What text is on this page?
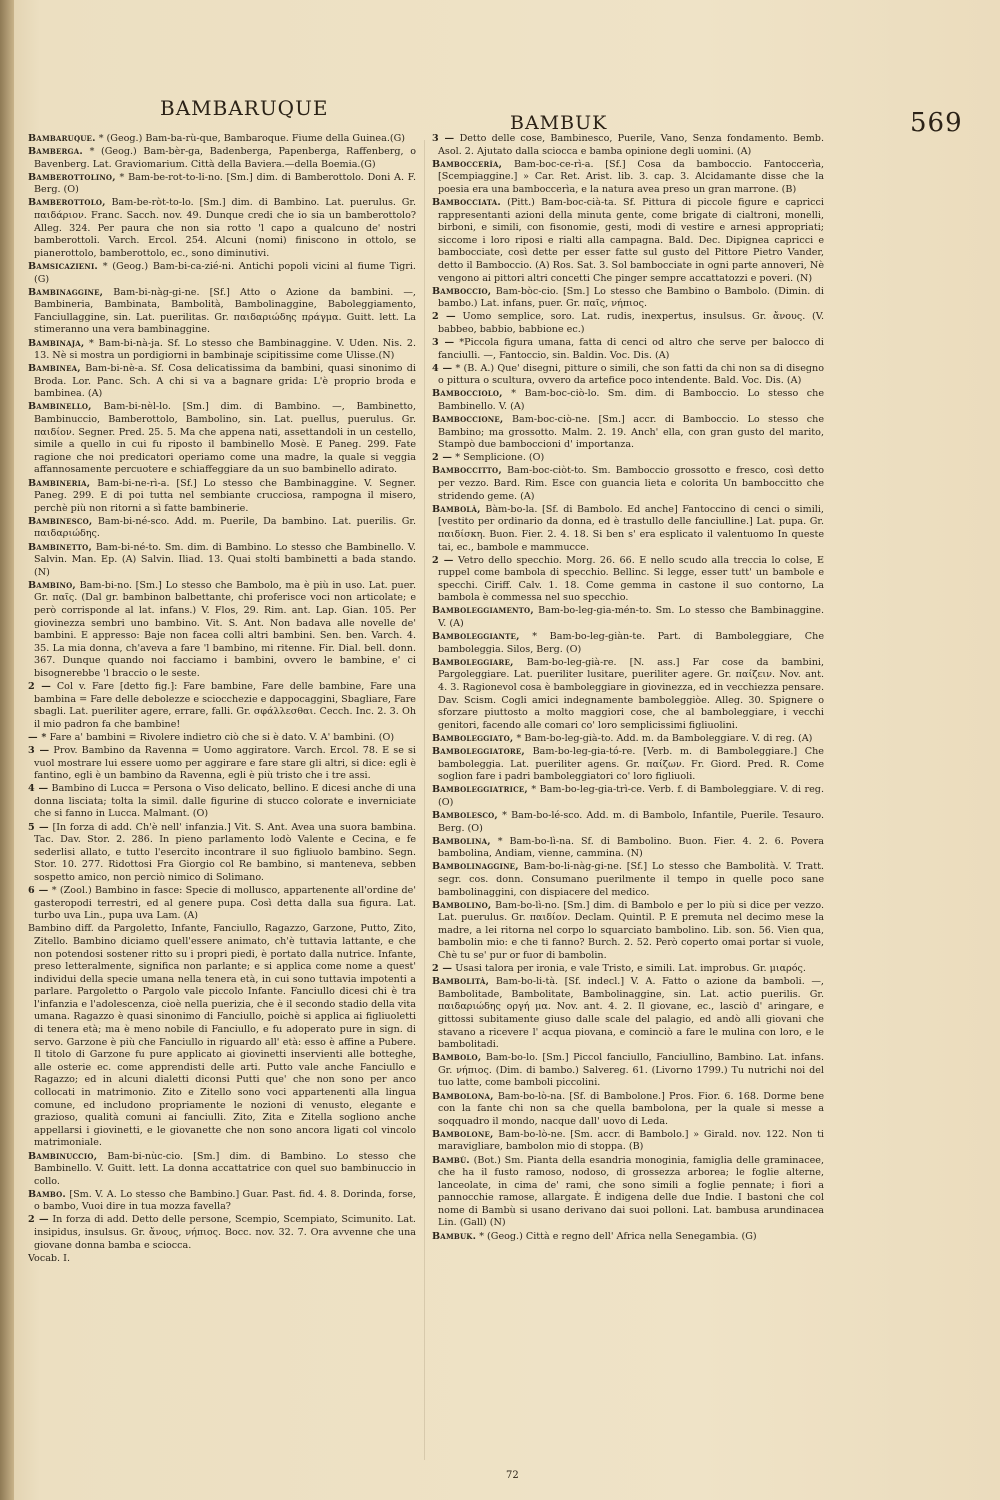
BAMBARUQUE
BAMBUK	569

Bambaruque. * (Geog.) Bam-ba-rù-que, Bambaroque. Fiume della Guinea.(G)

Bamberga. * (Geog.) Bam-bèr-ga, Badenberga, Papenberga, Raffenberg, o Bavenberg. Lat. Graviomarium. Città della Baviera.—della Boemia.(G)

Bamberottolino, * Bam-be-rot-to-li-no. [Sm.] dim. di Bamberottolo. Doni A. F. Berg. (O)

Bamberottolo, Bam-be-ròt-to-lo. [Sm.] dim. di Bambino. Lat. puerulus. Gr. παιδάριον. Franc. Sacch. nov. 49. Dunque credi che io sia un bamberottolo? Alleg. 324. Per paura che non sia rotto 'l capo a qualcuno de' nostri bamberottoli. Varch. Ercol. 254. Alcuni (nomi) finiscono in ottolo, se pianerottolo, bamberottolo, ec., sono diminutivi.

Bamsicazieni. * (Geog.) Bam-bi-ca-zié-ni. Antichi popoli vicini al fiume Tigri. (G)

Bambinaggine, Bam-bi-nàg-gi-ne. [Sf.] Atto o Azione da bambini. —, Bambineria, Bambinata, Bambolità, Bambolinaggine, Baboleggiamento, Fanciullaggine, sin. Lat. puerilitas. Gr. παιδαριώδης πράγμα. Guitt. lett. La stimeranno una vera bambinaggine.

Bambinaja, * Bam-bi-nà-ja. Sf. Lo stesso che Bambinaggine. V. Uden. Nis. 2. 13. Nè si mostra un pordigiorni in bambinaje scipitissime come Ulisse.(N)

Bambinea, Bam-bi-nè-a. Sf. Cosa delicatissima da bambini, quasi sinonimo di Broda. Lor. Panc. Sch. A chi si va a bagnare grida: L'è proprio broda e bambinea. (A)

Bambinello, Bam-bi-nèl-lo. [Sm.] dim. di Bambino. —, Bambinetto, Bambinuccio, Bamberottolo, Bambolino, sin. Lat. puellus, puerulus. Gr. παιδίον. Segner. Pred. 25. 5. Ma che appena nati, assettandoli in un cestello, simile a quello in cui fu riposto il bambinello Mosè. E Paneg. 299. Fate ragione che noi predicatori operiamo come una madre, la quale si veggia affannosamente percuotere e schiaffeggiare da un suo bambinello adirato.

Bambineria, Bam-bi-ne-rì-a. [Sf.] Lo stesso che Bambinaggine. V. Segner. Paneg. 299. E di poi tutta nel sembiante crucciosa, rampogna il misero, perchè più non ritorni a sì fatte bambinerie.

Bambinesco, Bam-bi-né-sco. Add. m. Puerile, Da bambino. Lat. puerilis. Gr. παιδαριώδης.

Bambinetto, Bam-bi-né-to. Sm. dim. di Bambino. Lo stesso che Bambinello. V. Salvin. Man. Ep. (A) Salvin. Iliad. 13. Quai stolti bambinetti a bada stando. (N)

Bambino, Bam-bi-no. [Sm.] Lo stesso che Bambolo, ma è più in uso. Lat. puer. Gr. παῖς. (Dal gr. bambinon balbettante, chi proferisce voci non articolate; e però corrisponde al lat. infans.) V. Flos, 29. Rim. ant. Lap. Gian. 105. Per giovinezza sembri uno bambino. Vit. S. Ant. Non badava alle novelle de' bambini. E appresso: Baje non facea colli altri bambini. Sen. ben. Varch. 4. 35. La mia donna, ch'aveva a fare 'l bambino, mi ritenne. Fir. Dial. bell. donn. 367. Dunque quando noi facciamo i bambini, ovvero le bambine, e' ci bisognerebbe 'l braccio o le seste.

2 — Col v. Fare [detto fig.]: Fare bambine, Fare delle bambine, Fare una bambina = Fare delle debolezze e sciocchezie e dappocaggini, Sbagliare, Fare sbagli. Lat. pueriliter agere, errare, falli. Gr. σφάλλεσθαι. Cecch. Inc. 2. 3. Oh il mio padron fa che bambine!

— * Fare a' bambini = Rivolere indietro ciò che si è dato. V. A' bambini. (O)

3 — Prov. Bambino da Ravenna = Uomo aggiratore. Varch. Ercol. 78. E se si vuol mostrare lui essere uomo per aggirare e fare stare gli altri, si dice: egli è fantino, egli è un bambino da Ravenna, egli è più tristo che i tre assi.

4 — Bambino di Lucca = Persona o Viso delicato, bellino. E dicesi anche di una donna lisciata; tolta la simil. dalle figurine di stucco colorate e inverniciate che si fanno in Lucca. Malmant. (O)

5 — [In forza di add. Ch'è nell' infanzia.] Vit. S. Ant. Avea una suora bambina. Tac. Dav. Stor. 2. 286. In pieno parlamento lodò Valente e Cecina, e fe sederlisi allato, e tutto l'esercito incontrare il suo figliuolo bambino. Segn. Stor. 10. 277. Ridottosi Fra Giorgio col Re bambino, si manteneva, sebben sospetto amico, non perciò nimico di Solimano.

6 — * (Zool.) Bambino in fasce: Specie di mollusco, appartenente all'ordine de' gasteropodi terrestri, ed al genere pupa. Così detta dalla sua figura. Lat. turbo uva Lin., pupa uva Lam. (A)

Bambino diff. da Pargoletto, Infante, Fanciullo, Ragazzo, Garzone, Putto, Zito, Zitello. Bambino diciamo quell'essere animato, ch'è tuttavia lattante, e che non potendosi sostener ritto su i propri piedi, è portato dalla nutrice. Infante, preso letteralmente, significa non parlante; e si applica come nome a quest' individui della specie umana nella tenera età, in cui sono tuttavia impotenti a parlare. Pargoletto o Pargolo vale piccolo Infante. Fanciullo dicesi chi è tra l'infanzia e l'adolescenza, cioè nella puerizia, che è il secondo stadio della vita umana. Ragazzo è quasi sinonimo di Fanciullo, poichè si applica ai figliuoletti di tenera età; ma è meno nobile di Fanciullo, e fu adoperato pure in sign. di servo. Garzone è più che Fanciullo in riguardo all' età: esso è affine a Pubere. Il titolo di Garzone fu pure applicato ai giovinetti inservienti alle botteghe, alle osterie ec. come apprendisti delle arti. Putto vale anche Fanciullo e Ragazzo; ed in alcuni dialetti diconsi Putti que' che non sono per anco collocati in matrimonio. Zito e Zitello sono voci appartenenti alla lingua comune, ed includono propriamente le nozioni di venusto, elegante e grazioso, qualità comuni ai fanciulli. Zito, Zita e Zitella sogliono anche appellarsi i giovinetti, e le giovanette che non sono ancora ligati col vincolo matrimoniale.

Bambinuccio, Bam-bi-nùc-cio. [Sm.] dim. di Bambino. Lo stesso che Bambinello. V. Guitt. lett. La donna accattatrice con quel suo bambinuccio in collo.

Bambo. [Sm. V. A. Lo stesso che Bambino.] Guar. Past. fid. 4. 8. Dorinda, forse, o bambo, Vuoi dire in tua mozza favella?

2 — In forza di add. Detto delle persone, Scempio, Scempiato, Scimunito. Lat. insipidus, insulsus. Gr. ἄνους, νήπιος. Bocc. nov. 32. 7. Ora avvenne che una giovane donna bamba e sciocca.

Vocab. I.

3 — Detto delle cose, Bambinesco, Puerile, Vano, Senza fondamento. Bemb. Asol. 2. Ajutato dalla sciocca e bamba opinione degli uomini. (A)

Bamboccerìa, Bam-boc-ce-rì-a. [Sf.] Cosa da bamboccio. Fantoccerìa, [Scempiaggine.] » Car. Ret. Arist. lib. 3. cap. 3. Alcidamante disse che la poesia era una bamboccerìa, e la natura avea preso un gran marrone. (B)

Bambocciata. (Pitt.) Bam-boc-cià-ta. Sf. Pittura di piccole figure e capricci rappresentanti azioni della minuta gente, come brigate di cialtroni, monelli, birboni, e simili, con fisonomie, gesti, modi di vestire e arnesi appropriati; siccome i loro riposi e rialti alla campagna. Bald. Dec. Dipignea capricci e bambocciate, così dette per esser fatte sul gusto del Pittore Pietro Vander, detto il Bamboccio. (A) Ros. Sat. 3. Sol bambocciate in ogni parte annoveri, Nè vengono ai pittori altri concetti Che pinger sempre accattatozzi e poveri. (N)

Bamboccio, Bam-bòc-cio. [Sm.] Lo stesso che Bambino o Bambolo. (Dimin. di bambo.) Lat. infans, puer. Gr. παῖς, νήπιος.

2 — Uomo semplice, soro. Lat. rudis, inexpertus, insulsus. Gr. ἄνους. (V. babbeo, babbio, babbione ec.)

3 — *Piccola figura umana, fatta di cenci od altro che serve per balocco di fanciulli. —, Fantoccio, sin. Baldin. Voc. Dis. (A)

4 — * (B. A.) Que' disegni, pitture o simili, che son fatti da chi non sa di disegno o pittura o scultura, ovvero da artefice poco intendente. Bald. Voc. Dis. (A)

Bambocciolo, * Bam-boc-ciò-lo. Sm. dim. di Bamboccio. Lo stesso che Bambinello. V. (A)

Bamboccione, Bam-boc-ciò-ne. [Sm.] accr. di Bamboccio. Lo stesso che Bambino; ma grossotto. Malm. 2. 19. Anch' ella, con gran gusto del marito, Stampò due bamboccioni d' importanza.

2 — * Semplicione. (O)

Bamboccitto, Bam-boc-ciòt-to. Sm. Bamboccio grossotto e fresco, così detto per vezzo. Bard. Rim. Esce con guancia lieta e colorita Un bamboccitto che stridendo geme. (A)

Bambolà, Bàm-bo-la. [Sf. di Bambolo. Ed anche] Fantoccino di cenci o simili, [vestito per ordinario da donna, ed è trastullo delle fanciulline.] Lat. pupa. Gr. παιδίσκη. Buon. Fier. 2. 4. 18. Si ben s' era esplicato il valentuomo In queste tai, ec., bambole e mammucce.

2 — Vetro dello specchio. Morg. 26. 66. E nello scudo alla treccia lo colse, E ruppel come bambola di specchio. Bellinc. Si legge, esser tutt' un bambole e specchi. Ciriff. Calv. 1. 18. Come gemma in castone il suo contorno, La bambola è commessa nel suo specchio.

Bamboleggiamento, Bam-bo-leg-gia-mén-to. Sm. Lo stesso che Bambinaggine. V. (A)

Bamboleggiante, * Bam-bo-leg-giàn-te. Part. di Bamboleggiare, Che bamboleggia. Silos, Berg. (O)

Bamboleggiare, Bam-bo-leg-già-re. [N. ass.] Far cose da bambini, Pargoleggiare. Lat. pueriliter lusitare, pueriliter agere. Gr. παίζειν. Nov. ant. 4. 3. Ragionevol cosa è bamboleggiare in giovinezza, ed in vecchiezza pensare. Dav. Scism. Cogli amici indegnamente bamboleggiòe. Alleg. 30. Spignere o sforzare piuttosto a molto maggiori cose, che al bamboleggiare, i vecchi genitori, facendo alle comari co' loro semplicissimi figliuolini.

Bamboleggiato, * Bam-bo-leg-già-to. Add. m. da Bamboleggiare. V. di reg. (A)

Bamboleggiatore, Bam-bo-leg-gia-tó-re. [Verb. m. di Bamboleggiare.] Che bamboleggia. Lat. pueriliter agens. Gr. παίζων. Fr. Giord. Pred. R. Come soglion fare i padri bamboleggiatori co' loro figliuoli.

Bamboleggiatrice, * Bam-bo-leg-gia-trì-ce. Verb. f. di Bamboleggiare. V. di reg. (O)

Bambolesco, * Bam-bo-lé-sco. Add. m. di Bambolo, Infantile, Puerile. Tesauro. Berg. (O)

Bambolina, * Bam-bo-lì-na. Sf. di Bambolino. Buon. Fier. 4. 2. 6. Povera bambolina, Andiam, vienne, cammina. (N)

Bambolinaggine, Bam-bo-li-nàg-gi-ne. [Sf.] Lo stesso che Bambolità. V. Tratt. segr. cos. donn. Consumano puerilmente il tempo in quelle poco sane bambolinaggini, con dispiacere del medico.

Bambolino, Bam-bo-lì-no. [Sm.] dim. di Bambolo e per lo più si dice per vezzo. Lat. puerulus. Gr. παιδίον. Declam. Quintil. P. E premuta nel decimo mese la madre, a lei ritorna nel corpo lo squarciato bambolino. Lib. son. 56. Vien qua, bambolin mio: e che ti fanno? Burch. 2. 52. Però coperto omai portar si vuole, Chè tu se' pur or fuor di bambolin.

2 — Usasi talora per ironia, e vale Tristo, e simili. Lat. improbus. Gr. μιαρός.

Bambolità, Bam-bo-li-tà. [Sf. indecl.] V. A. Fatto o azione da bamboli. —, Bambolitade, Bambolitate, Bambolinaggine, sin. Lat. actio puerilis. Gr. παιδαριώδης οργή μα. Nov. ant. 4. 2. Il giovane, ec., lasciò d' aringare, e gittossi subitamente giuso dalle scale del palagio, ed andò alli giovani che stavano a ricevere l' acqua piovana, e cominciò a fare le mulina con loro, e le bambolitadi.

Bambolo, Bam-bo-lo. [Sm.] Piccol fanciullo, Fanciullino, Bambino. Lat. infans. Gr. νήπιος. (Dim. di bambo.) Salvereg. 61. (Livorno 1799.) Tu nutrichi noi del tuo latte, come bamboli piccolini.

Bambolona, Bam-bo-lò-na. [Sf. di Bambolone.] Pros. Fior. 6. 168. Dorme bene con la fante chi non sa che quella bambolona, per la quale si messe a soqquadro il mondo, nacque dall' uovo di Leda.

Bambolone, Bam-bo-lò-ne. [Sm. accr. di Bambolo.] » Girald. nov. 122. Non ti maravigliare, bambolon mio di stoppa. (B)

Bambù. (Bot.) Sm. Pianta della esandria monoginia, famiglia delle graminacee, che ha il fusto ramoso, nodoso, di grossezza arborea; le foglie alterne, lanceolate, in cima de' rami, che sono simili a foglie pennate; i fiori a pannocchie ramose, allargate. È indigena delle due Indie. I bastoni che col nome di Bambù si usano derivano dai suoi polloni. Lat. bambusa arundinacea Lin. (Gall) (N)

Bambuk. * (Geog.) Città e regno dell' Africa nella Senegambia. (G)

72
